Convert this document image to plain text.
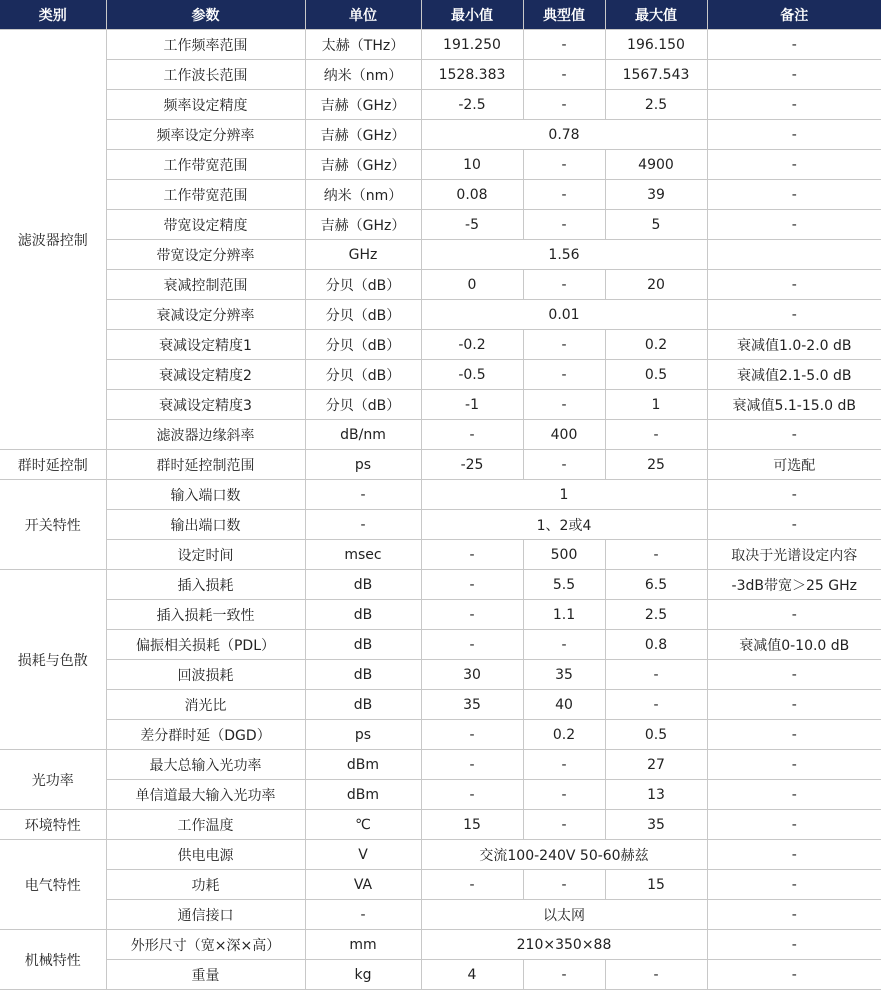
类别	参数	单位	最小值	典型值	最大值	备注
滤波器控制	工作频率范围	太赫（THz）	191.250	-	196.150	-
	工作波长范围	纳米（nm）	1528.383	-	1567.543	-
	频率设定精度	吉赫（GHz）	-2.5	-	2.5	-
	频率设定分辨率	吉赫（GHz）	0.78			-
	工作带宽范围	吉赫（GHz）	10	-	4900	-
	工作带宽范围	纳米（nm）	0.08	-	39	-
	带宽设定精度	吉赫（GHz）	-5	-	5	-
	带宽设定分辨率	GHz	1.56			
	衰减控制范围	分贝（dB）	0	-	20	-
	衰减设定分辨率	分贝（dB）	0.01			-
	衰减设定精度1	分贝（dB）	-0.2	-	0.2	衰减值1.0-2.0 dB
	衰减设定精度2	分贝（dB）	-0.5	-	0.5	衰减值2.1-5.0 dB
	衰减设定精度3	分贝（dB）	-1	-	1	衰减值5.1-15.0 dB
	滤波器边缘斜率	dB/nm	-	400	-	-
群时延控制	群时延控制范围	ps	-25	-	25	可选配
开关特性	输入端口数	-	1			-
	输出端口数	-	1、2或4			-
	设定时间	msec	-	500	-	取决于光谱设定内容
损耗与色散	插入损耗	dB	-	5.5	6.5	-3dB带宽＞25 GHz
	插入损耗一致性	dB	-	1.1	2.5	-
	偏振相关损耗（PDL）	dB	-	-	0.8	衰减值0-10.0 dB
	回波损耗	dB	30	35	-	-
	消光比	dB	35	40	-	-
	差分群时延（DGD）	ps	-	0.2	0.5	-
光功率	最大总输入光功率	dBm	-	-	27	-
	单信道最大输入光功率	dBm	-	-	13	-
环境特性	工作温度	℃	15	-	35	-
电气特性	供电电源	V	交流100-240V 50-60赫兹			-
	功耗	VA	-	-	15	-
	通信接口	-	以太网			-
机械特性	外形尺寸（宽×深×高）	mm	210×350×88			-
	重量	kg	4	-	-	-
